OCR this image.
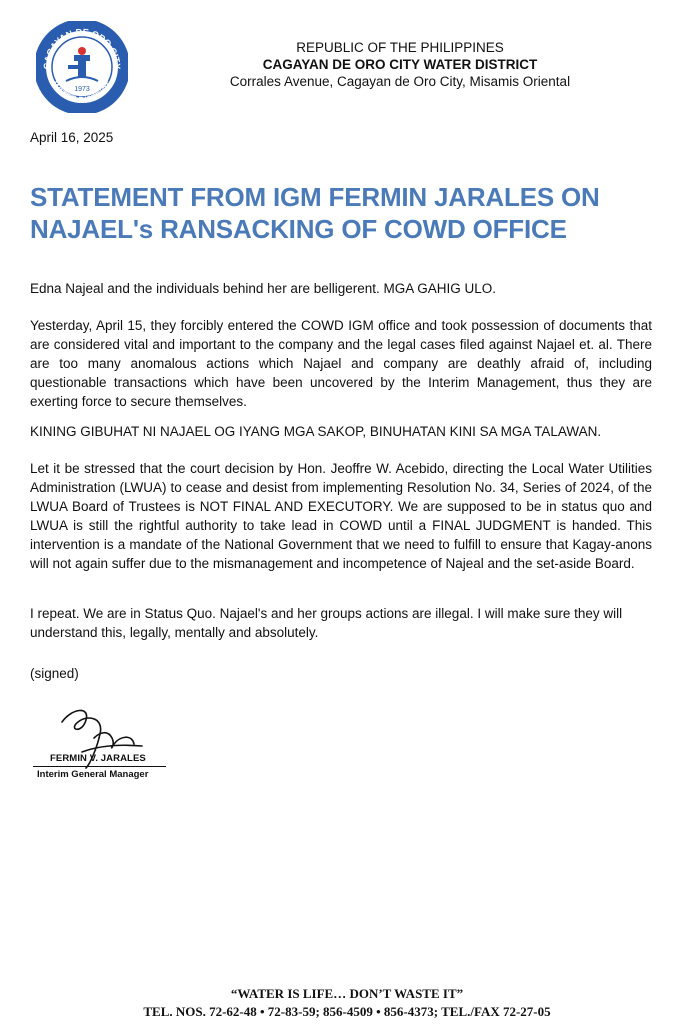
CAGAYAN DE ORO CITY
WATER DISTRICT
1973
REPUBLIC OF THE PHILIPPINES
CAGAYAN DE ORO CITY WATER DISTRICT
Corrales Avenue, Cagayan de Oro City, Misamis Oriental
April 16, 2025
STATEMENT FROM IGM FERMIN JARALES ON
NAJAEL's RANSACKING OF COWD OFFICE

Edna Najeal and the individuals behind her are belligerent. MGA GAHIG ULO.

Yesterday, April 15, they forcibly entered the COWD IGM office and took possession of documents that are considered vital and important to the company and the legal cases filed against Najael et. al. There are too many anomalous actions which Najael and company are deathly afraid of, including questionable transactions which have been uncovered by the Interim Management, thus they are exerting force to secure themselves.

KINING GIBUHAT NI NAJAEL OG IYANG MGA SAKOP, BINUHATAN KINI SA MGA TALAWAN.

Let it be stressed that the court decision by Hon. Jeoffre W. Acebido, directing the Local Water Utilities Administration (LWUA) to cease and desist from implementing Resolution No. 34, Series of 2024, of the LWUA Board of Trustees is NOT FINAL AND EXECUTORY. We are supposed to be in status quo and LWUA is still the rightful authority to take lead in COWD until a FINAL JUDGMENT is handed. This intervention is a mandate of the National Government that we need to fulfill to ensure that Kagay-anons will not again suffer due to the mismanagement and incompetence of Najeal and the set-aside Board.

I repeat. We are in Status Quo. Najael's and her groups actions are illegal. I will make sure they will understand this, legally, mentally and absolutely.

(signed)
FERMIN V. JARALES
Interim General Manager
“WATER IS LIFE… DON’T WASTE IT”
TEL. NOS. 72-62-48 • 72-83-59; 856-4509 • 856-4373; TEL./FAX 72-27-05
